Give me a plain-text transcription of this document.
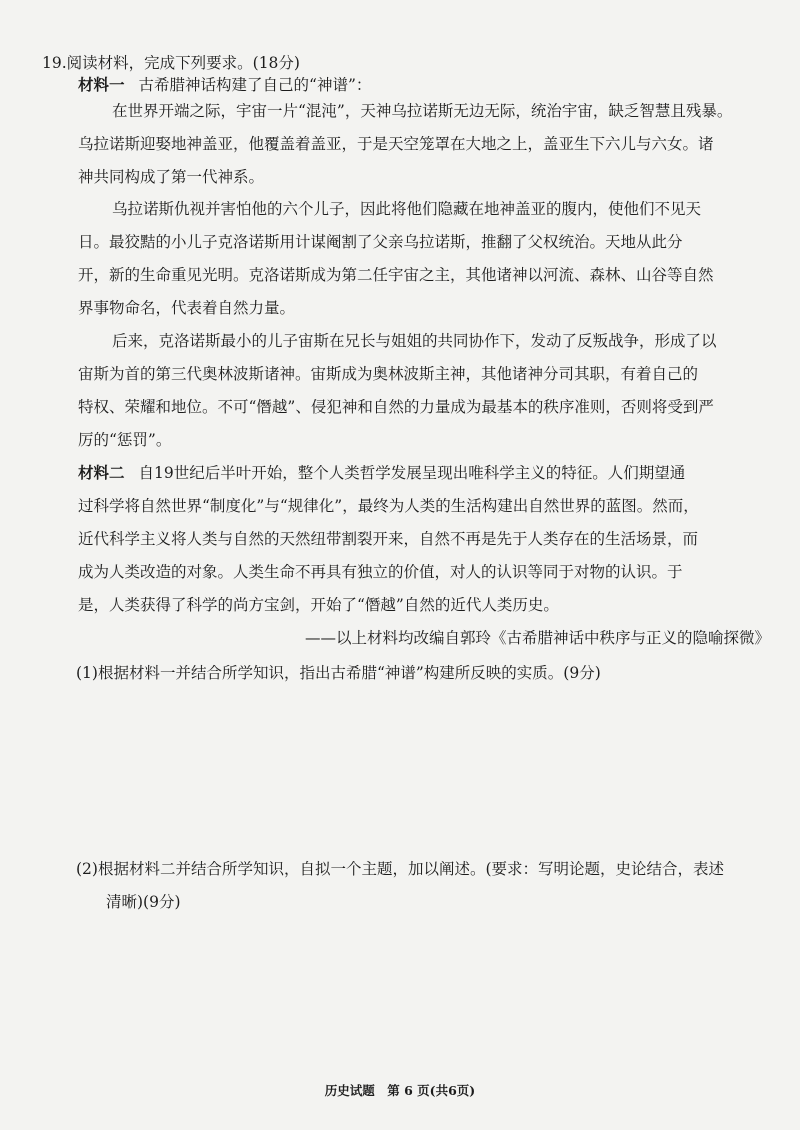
19.阅读材料，完成下列要求。(18分)
材料一 古希腊神话构建了自己的“神谱”：
在世界开端之际，宇宙一片“混沌”，天神乌拉诺斯无边无际，统治宇宙，缺乏智慧且残暴。
乌拉诺斯迎娶地神盖亚，他覆盖着盖亚，于是天空笼罩在大地之上，盖亚生下六儿与六女。诸
神共同构成了第一代神系。
乌拉诺斯仇视并害怕他的六个儿子，因此将他们隐藏在地神盖亚的腹内，使他们不见天
日。最狡黠的小儿子克洛诺斯用计谋阉割了父亲乌拉诺斯，推翻了父权统治。天地从此分
开，新的生命重见光明。克洛诺斯成为第二任宇宙之主，其他诸神以河流、森林、山谷等自然
界事物命名，代表着自然力量。
后来，克洛诺斯最小的儿子宙斯在兄长与姐姐的共同协作下，发动了反叛战争，形成了以
宙斯为首的第三代奥林波斯诸神。宙斯成为奥林波斯主神，其他诸神分司其职，有着自己的
特权、荣耀和地位。不可“僭越”、侵犯神和自然的力量成为最基本的秩序准则，否则将受到严
厉的“惩罚”。
材料二 自19世纪后半叶开始，整个人类哲学发展呈现出唯科学主义的特征。人们期望通
过科学将自然世界“制度化”与“规律化”，最终为人类的生活构建出自然世界的蓝图。然而，
近代科学主义将人类与自然的天然纽带割裂开来，自然不再是先于人类存在的生活场景，而
成为人类改造的对象。人类生命不再具有独立的价值，对人的认识等同于对物的认识。于
是，人类获得了科学的尚方宝剑，开始了“僭越”自然的近代人类历史。
——以上材料均改编自郭玲《古希腊神话中秩序与正义的隐喻探微》
(1)根据材料一并结合所学知识，指出古希腊“神谱”构建所反映的实质。(9分)
(2)根据材料二并结合所学知识，自拟一个主题，加以阐述。(要求：写明论题，史论结合，表述
清晰)(9分)
历史试题　第 6 页(共6页)
